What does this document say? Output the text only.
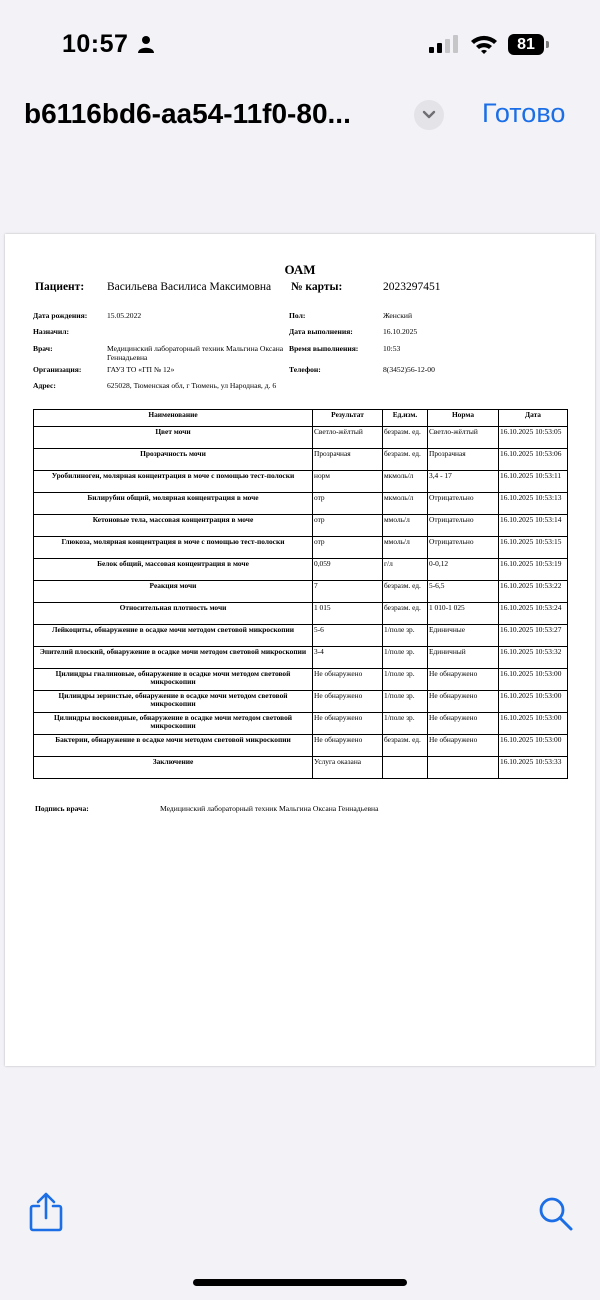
10:57	81
b6116bd6-aa54-11f0-80...	Готово
ОАМ
Пациент: Васильева Василиса Максимовна № карты:	2023297451
Дата рождения:	15.05.2022
Назначил:
Врач:	Медицинский лабораторный техник Мальгина Оксана Геннадьевна
Организация:	ГАУЗ ТО «ГП № 12»
Адрес:	625028, Тюменская обл, г Тюмень, ул Народная, д. 6
Пол:	Женский
Дата выполнения:	16.10.2025
Время выполнения:	10:53
Телефон:	8(3452)56-12-00
Наименование	Результат	Ед.изм.	Норма	Дата
Цвет мочи	Светло-жёлтый	безразм. ед.	Светло-жёлтый	16.10.2025 10:53:05
Прозрачность мочи	Прозрачная	безразм. ед.	Прозрачная	16.10.2025 10:53:06
Уробилиноген, молярная концентрация в моче с помощью тест-полоски	норм	мкмоль/л	3,4 - 17	16.10.2025 10:53:11
Билирубин общий, молярная концентрация в моче	отр	мкмоль/л	Отрицательно	16.10.2025 10:53:13
Кетоновые тела, массовая концентрация в моче	отр	ммоль/л	Отрицательно	16.10.2025 10:53:14
Глюкоза, молярная концентрация в моче с помощью тест-полоски	отр	ммоль/л	Отрицательно	16.10.2025 10:53:15
Белок общий, массовая концентрация в моче	0,059	г/л	0-0,12	16.10.2025 10:53:19
Реакция мочи	7	безразм. ед.	5-6,5	16.10.2025 10:53:22
Относительная плотность мочи	1 015	безразм. ед.	1 010-1 025	16.10.2025 10:53:24
Лейкоциты, обнаружение в осадке мочи методом световой микроскопии	5-6	1/поле зр.	Единичные	16.10.2025 10:53:27
Эпителий плоский, обнаружение в осадке мочи методом световой микроскопии	3-4	1/поле зр.	Единичный	16.10.2025 10:53:32
Цилиндры гиалиновые, обнаружение в осадке мочи методом световой микроскопии	Не обнаружено	1/поле зр.	Не обнаружено	16.10.2025 10:53:00
Цилиндры зернистые, обнаружение в осадке мочи методом световой микроскопии	Не обнаружено	1/поле зр.	Не обнаружено	16.10.2025 10:53:00
Цилиндры восковидные, обнаружение в осадке мочи методом световой микроскопии	Не обнаружено	1/поле зр.	Не обнаружено	16.10.2025 10:53:00
Бактерии, обнаружение в осадке мочи методом световой микроскопии	Не обнаружено	безразм. ед.	Не обнаружено	16.10.2025 10:53:00
Заключение	Услуга оказана			16.10.2025 10:53:33
Подпись врача:	Медицинский лабораторный техник Мальгина Оксана Геннадьевна
